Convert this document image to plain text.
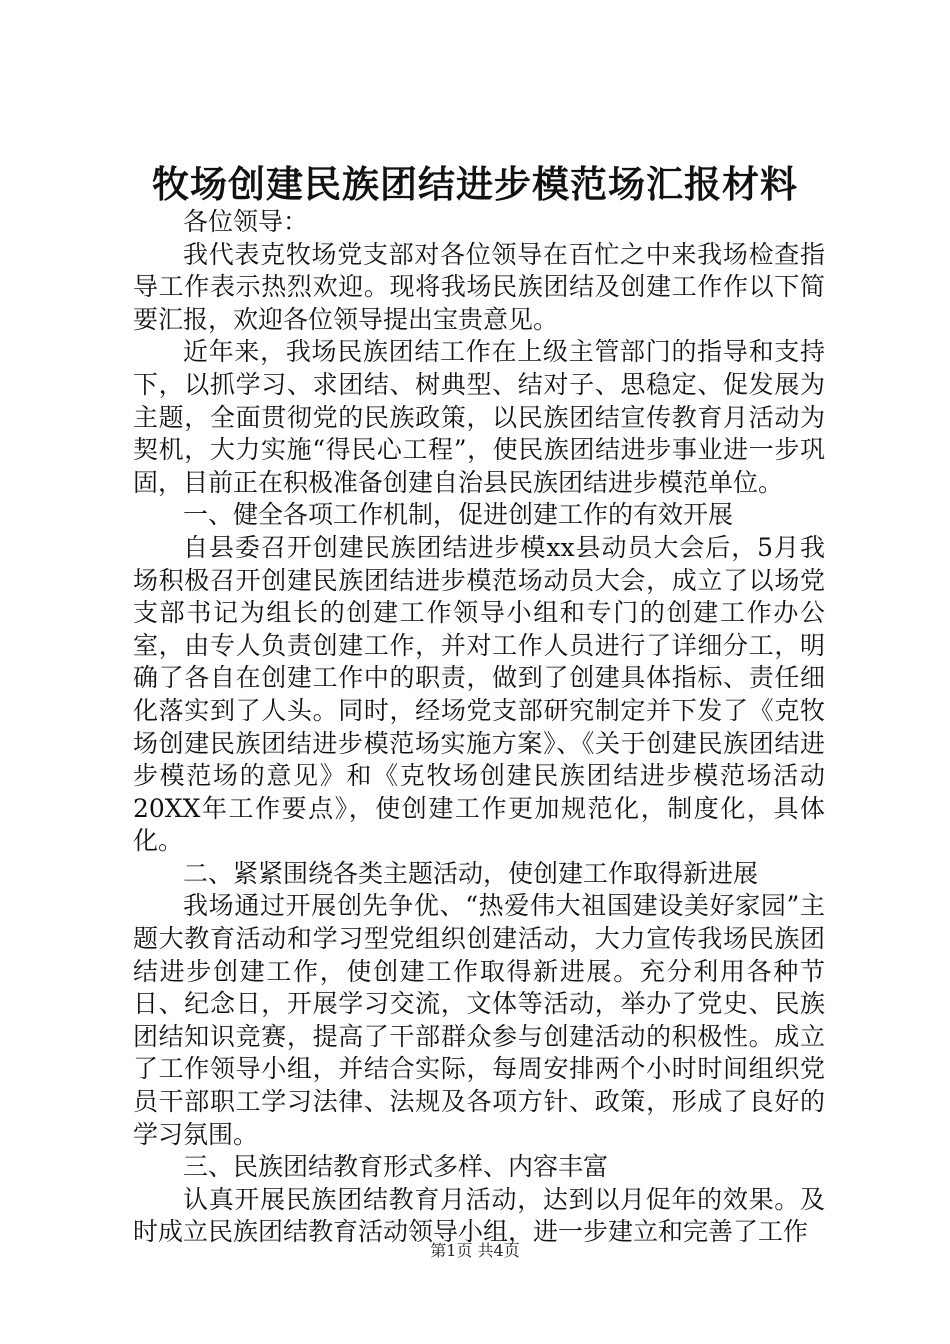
牧场创建民族团结进步模范场汇报材料

各位领导：

我代表克牧场党支部对各位领导在百忙之中来我场检查指导工作表示热烈欢迎。现将我场民族团结及创建工作作以下简要汇报，欢迎各位领导提出宝贵意见。

近年来，我场民族团结工作在上级主管部门的指导和支持下，以抓学习、求团结、树典型、结对子、思稳定、促发展为主题，全面贯彻党的民族政策，以民族团结宣传教育月活动为契机，大力实施“得民心工程”，使民族团结进步事业进一步巩固，目前正在积极准备创建自治县民族团结进步模范单位。

一、健全各项工作机制，促进创建工作的有效开展

自县委召开创建民族团结进步模xx县动员大会后，5月我场积极召开创建民族团结进步模范场动员大会，成立了以场党支部书记为组长的创建工作领导小组和专门的创建工作办公室，由专人负责创建工作，并对工作人员进行了详细分工，明确了各自在创建工作中的职责，做到了创建具体指标、责任细化落实到了人头。同时，经场党支部研究制定并下发了《克牧场创建民族团结进步模范场实施方案》、《关于创建民族团结进步模范场的意见》和《克牧场创建民族团结进步模范场活动20XX年工作要点》，使创建工作更加规范化，制度化，具体化。

二、紧紧围绕各类主题活动，使创建工作取得新进展

我场通过开展创先争优、“热爱伟大祖国建设美好家园”主题大教育活动和学习型党组织创建活动，大力宣传我场民族团结进步创建工作，使创建工作取得新进展。充分利用各种节日、纪念日，开展学习交流，文体等活动，举办了党史、民族团结知识竞赛，提高了干部群众参与创建活动的积极性。成立了工作领导小组，并结合实际，每周安排两个小时时间组织党员干部职工学习法律、法规及各项方针、政策，形成了良好的学习氛围。

三、民族团结教育形式多样、内容丰富

认真开展民族团结教育月活动，达到以月促年的效果。及时成立民族团结教育活动领导小组，进一步建立和完善了工作

第1页 共4页
